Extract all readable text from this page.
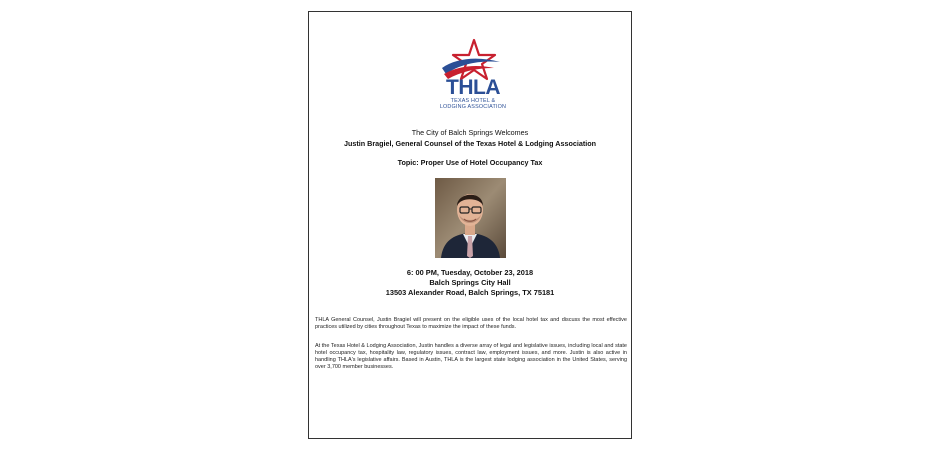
THLA
TEXAS HOTEL &
LODGING ASSOCIATION
The City of Balch Springs Welcomes
Justin Bragiel, General Counsel of the Texas Hotel & Lodging Association
Topic: Proper Use of Hotel Occupancy Tax
6: 00 PM, Tuesday, October 23, 2018
Balch Springs City Hall
13503 Alexander Road, Balch Springs, TX 75181
THLA General Counsel, Justin Bragiel will present on the eligible uses of the local hotel tax and discuss the most effective practices utilized by cities throughout Texas to maximize the impact of these funds.
At the Texas Hotel & Lodging Association, Justin handles a diverse array of legal and legislative issues, including local and state hotel occupancy tax, hospitality law, regulatory issues, contract law, employment issues, and more. Justin is also active in handling THLA's legislative affairs. Based in Austin, THLA is the largest state lodging association in the United States, serving over 3,700 member businesses.
